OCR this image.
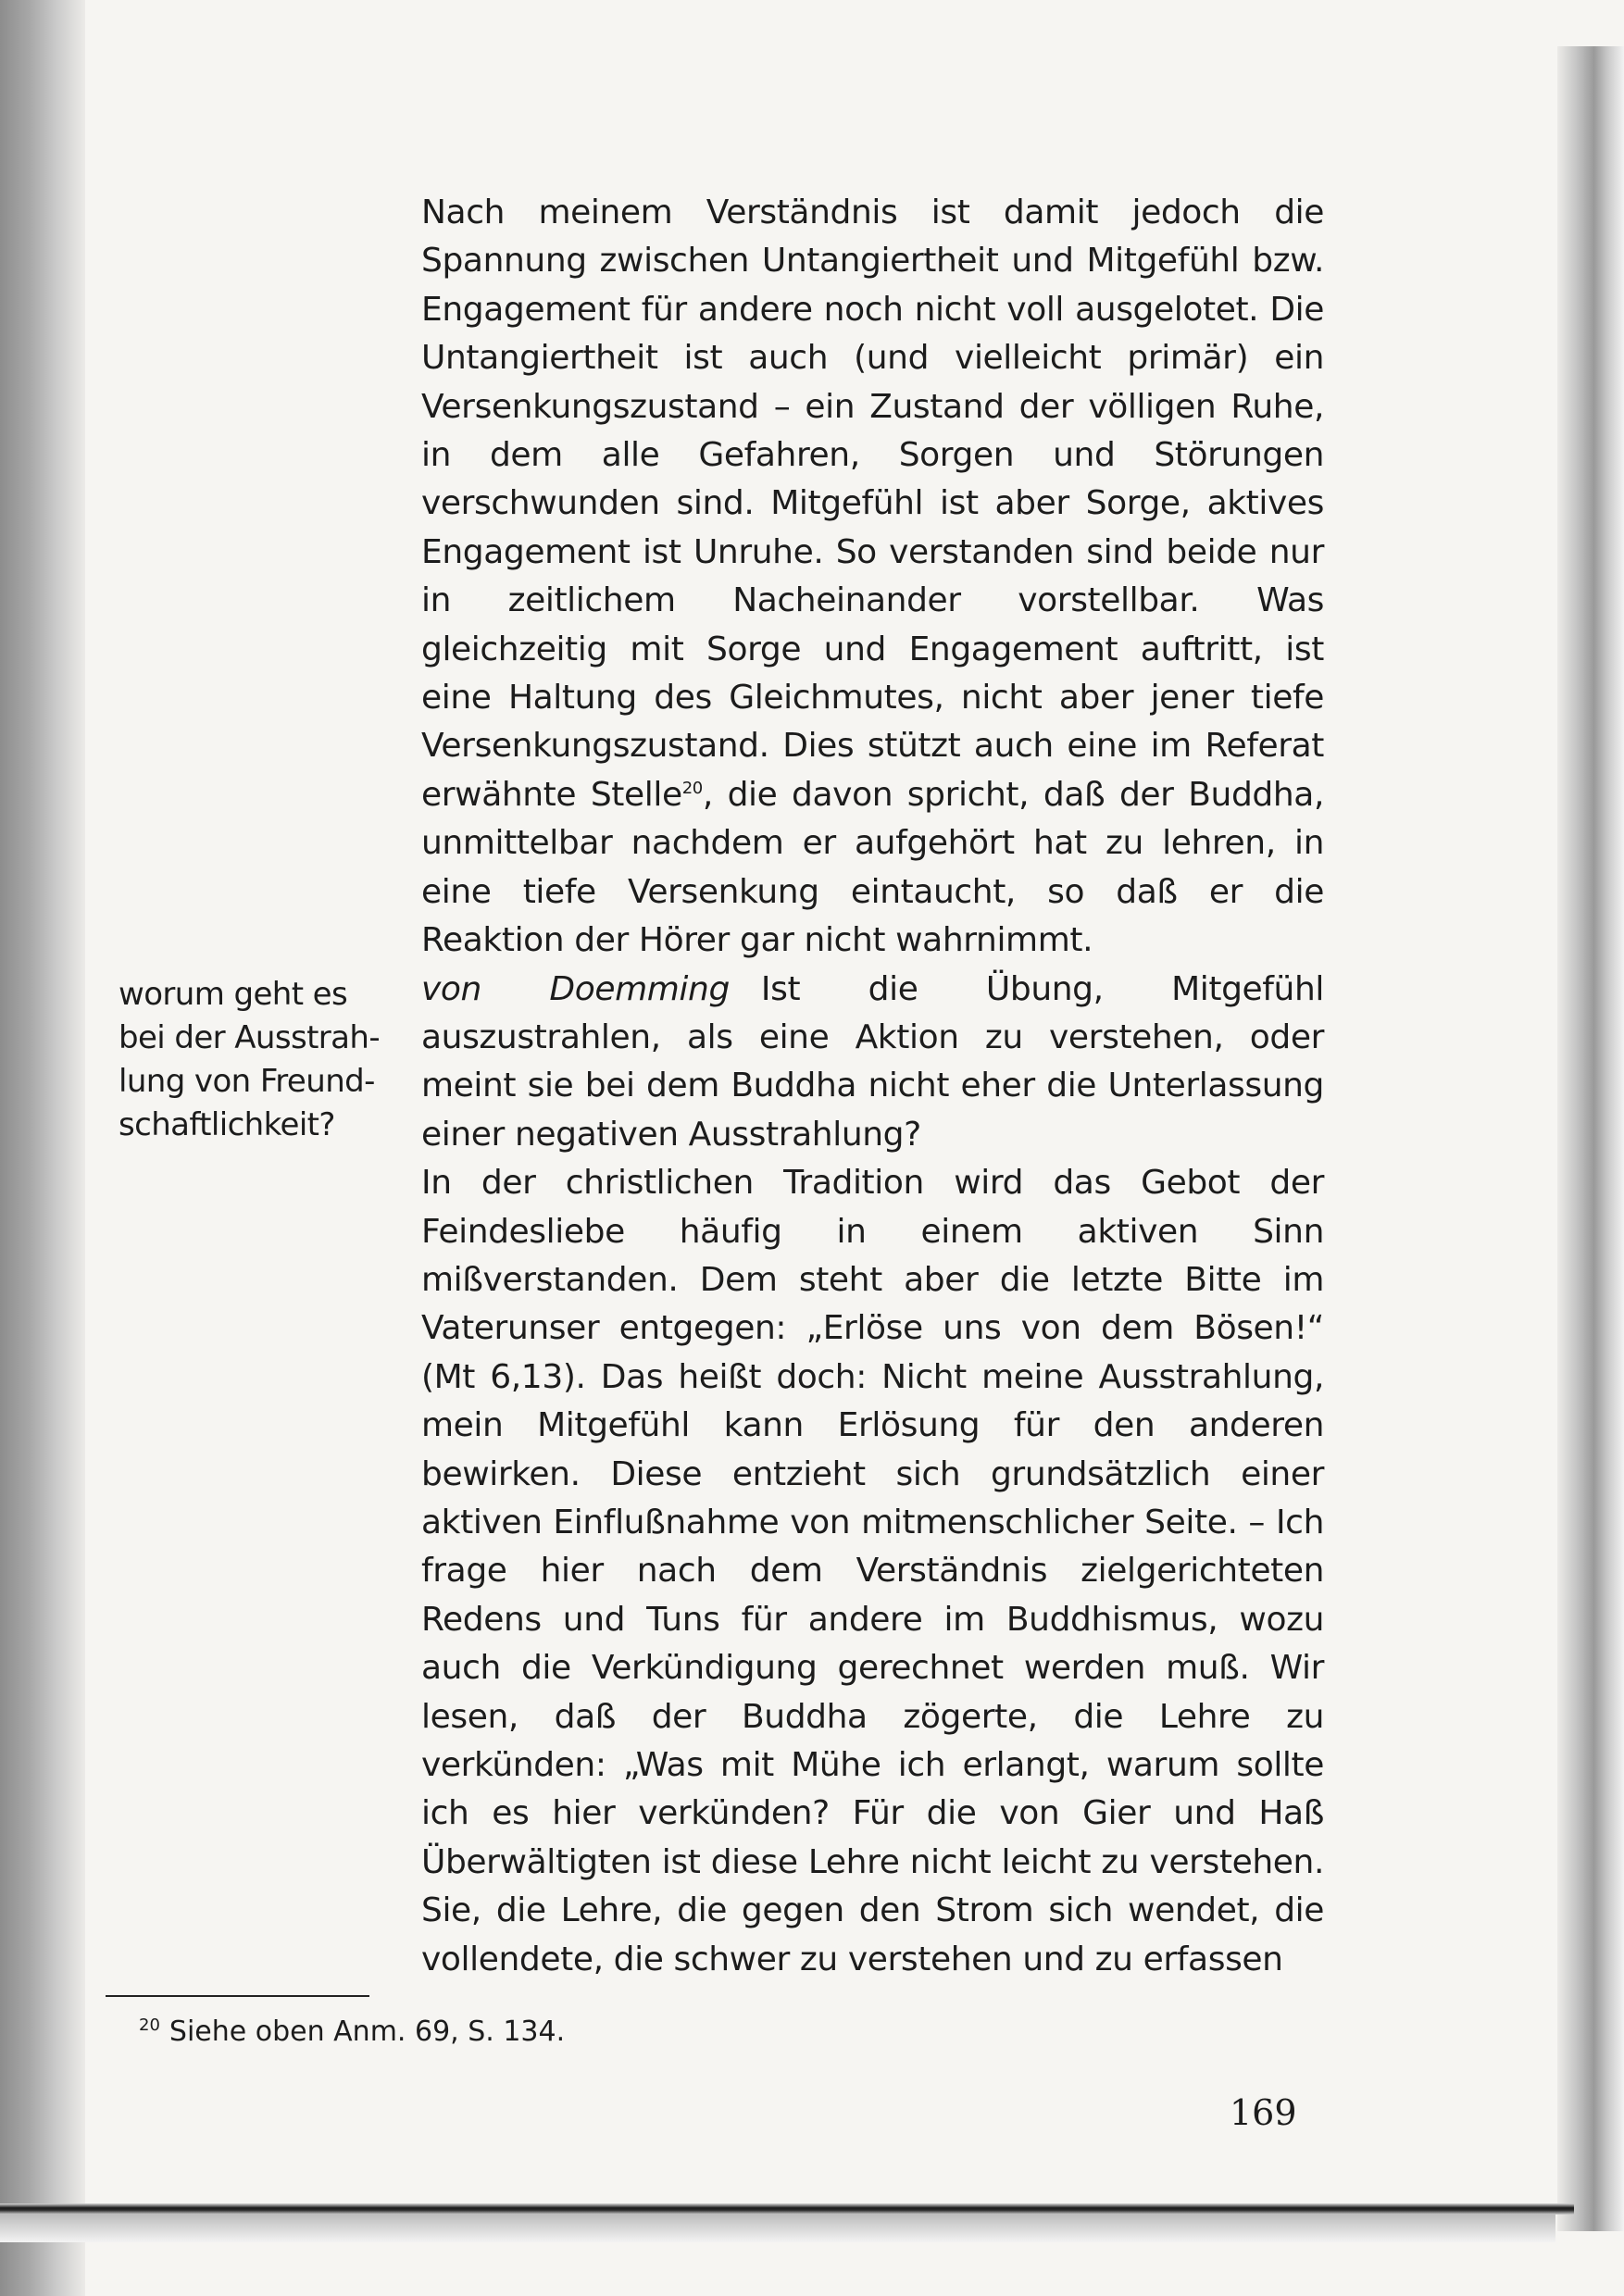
Nach meinem Verständnis ist damit jedoch die Spannung zwischen Untangiertheit und Mitgefühl bzw. Engagement für andere noch nicht voll ausgelotet. Die Untangiertheit ist auch (und vielleicht primär) ein Versenkungszustand – ein Zustand der völligen Ruhe, in dem alle Gefahren, Sorgen und Störungen verschwunden sind. Mitgefühl ist aber Sorge, aktives Engagement ist Unruhe. So verstanden sind beide nur in zeitlichem Nacheinander vorstellbar. Was gleichzeitig mit Sorge und Engagement auftritt, ist eine Haltung des Gleichmutes, nicht aber jener tiefe Versenkungszustand. Dies stützt auch eine im Referat erwähnte Stelle$^{20}$, die davon spricht, daß der Buddha, unmittelbar nachdem er aufgehört hat zu lehren, in eine tiefe Versenkung eintaucht, so daß er die Reaktion der Hörer gar nicht wahrnimmt.

von Doemming Ist die Übung, Mitgefühl auszustrahlen, als eine Aktion zu verstehen, oder meint sie bei dem Buddha nicht eher die Unterlassung einer negativen Ausstrahlung?

In der christlichen Tradition wird das Gebot der Feindesliebe häufig in einem aktiven Sinn mißverstanden. Dem steht aber die letzte Bitte im Vaterunser entgegen: „Erlöse uns von dem Bösen!“ (Mt 6,13). Das heißt doch: Nicht meine Ausstrahlung, mein Mitgefühl kann Erlösung für den anderen bewirken. Diese entzieht sich grundsätzlich einer aktiven Einflußnahme von mitmenschlicher Seite. – Ich frage hier nach dem Verständnis zielgerichteten Redens und Tuns für andere im Buddhismus, wozu auch die Verkündigung gerechnet werden muß. Wir lesen, daß der Buddha zögerte, die Lehre zu verkünden: „Was mit Mühe ich erlangt, warum sollte ich es hier verkünden? Für die von Gier und Haß Überwältigten ist diese Lehre nicht leicht zu verstehen. Sie, die Lehre, die gegen den Strom sich wendet, die vollendete, die schwer zu verstehen und zu erfassen

worum geht es
bei der Ausstrah-
lung von Freund-
schaftlichkeit?

$^{20}$ Siehe oben Anm. 69, S. 134.

169
